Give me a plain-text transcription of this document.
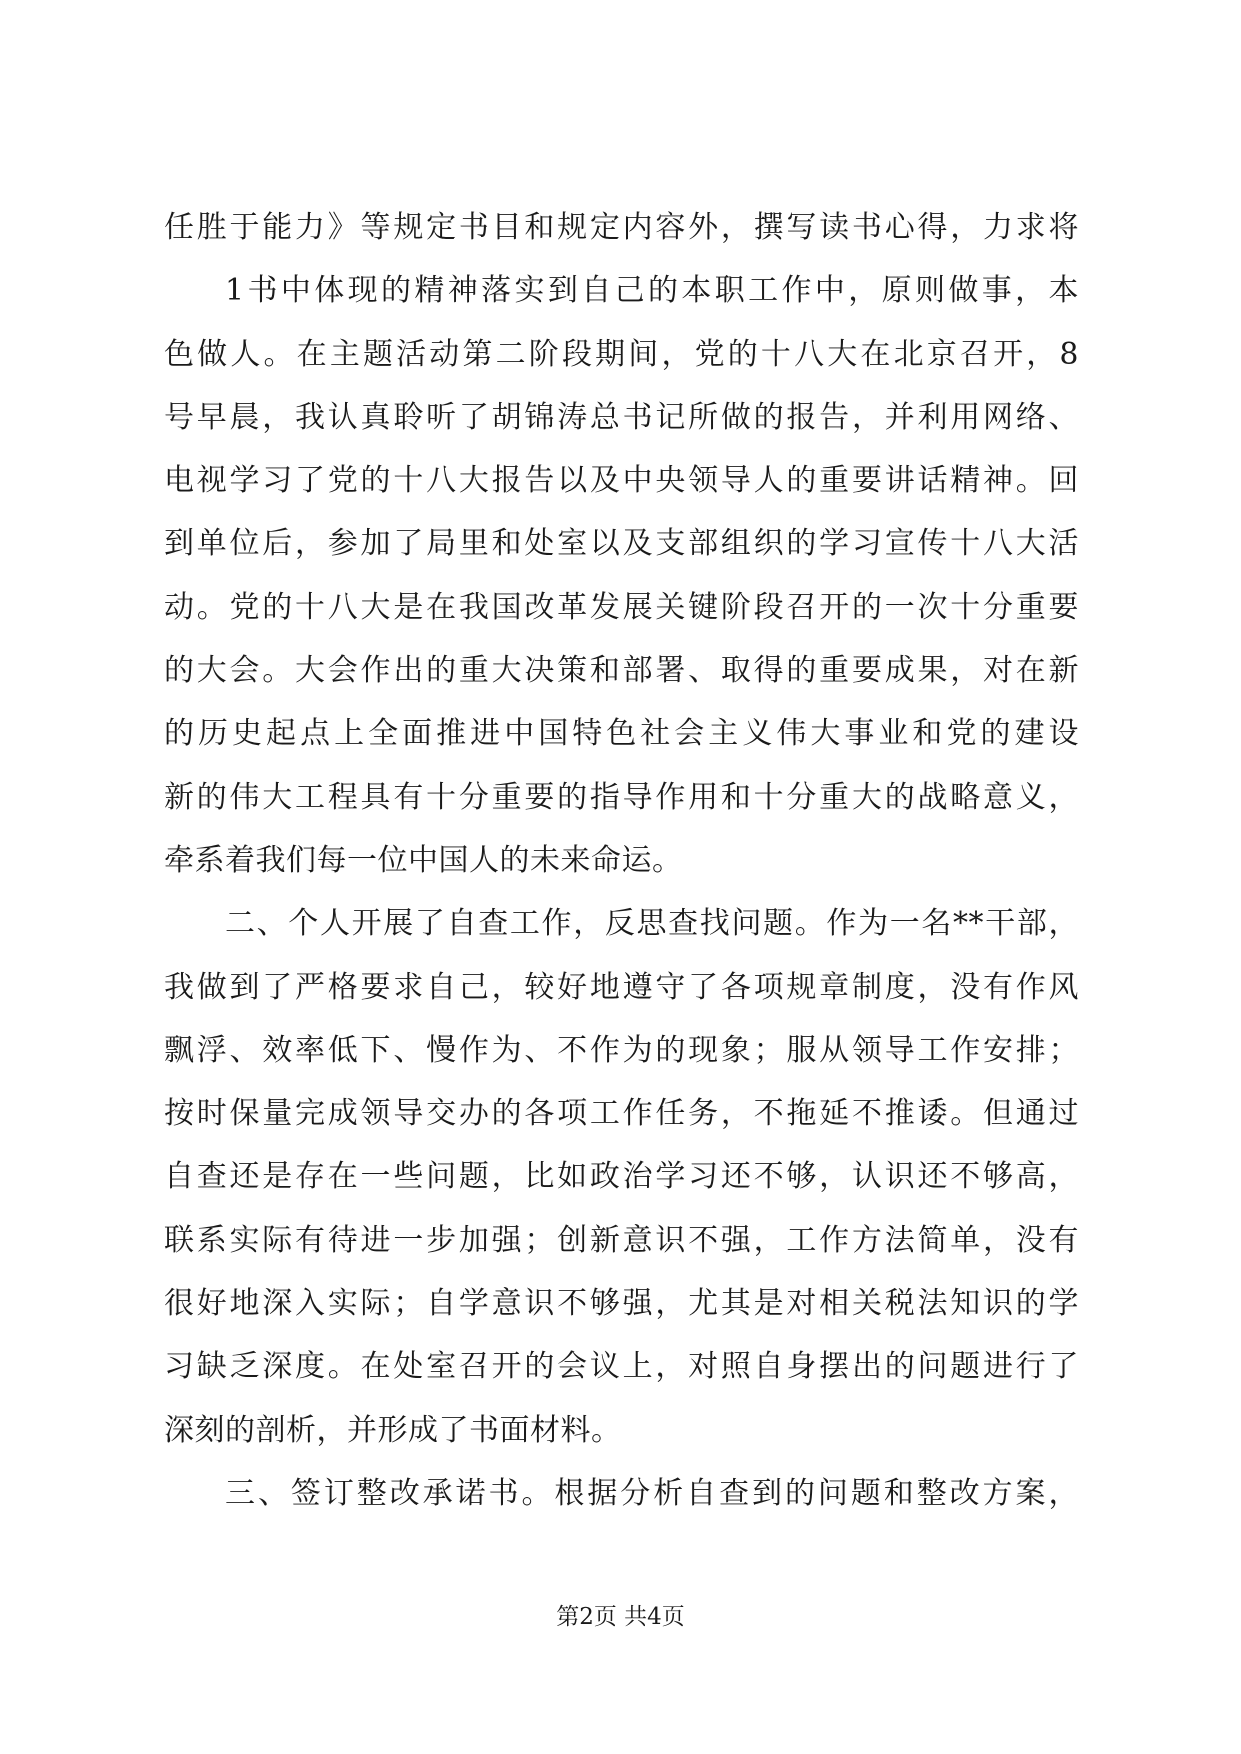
任胜于能力》等规定书目和规定内容外，撰写读书心得，力求将
1书中体现的精神落实到自己的本职工作中，原则做事，本
色做人。在主题活动第二阶段期间，党的十八大在北京召开，8
号早晨，我认真聆听了胡锦涛总书记所做的报告，并利用网络、
电视学习了党的十八大报告以及中央领导人的重要讲话精神。回
到单位后，参加了局里和处室以及支部组织的学习宣传十八大活
动。党的十八大是在我国改革发展关键阶段召开的一次十分重要
的大会。大会作出的重大决策和部署、取得的重要成果，对在新
的历史起点上全面推进中国特色社会主义伟大事业和党的建设
新的伟大工程具有十分重要的指导作用和十分重大的战略意义，
牵系着我们每一位中国人的未来命运。
二、个人开展了自查工作，反思查找问题。作为一名**干部，
我做到了严格要求自己，较好地遵守了各项规章制度，没有作风
飘浮、效率低下、慢作为、不作为的现象；服从领导工作安排；
按时保量完成领导交办的各项工作任务，不拖延不推诿。但通过
自查还是存在一些问题，比如政治学习还不够，认识还不够高，
联系实际有待进一步加强；创新意识不强，工作方法简单，没有
很好地深入实际；自学意识不够强，尤其是对相关税法知识的学
习缺乏深度。在处室召开的会议上，对照自身摆出的问题进行了
深刻的剖析，并形成了书面材料。
三、签订整改承诺书。根据分析自查到的问题和整改方案，
第2页 共4页
